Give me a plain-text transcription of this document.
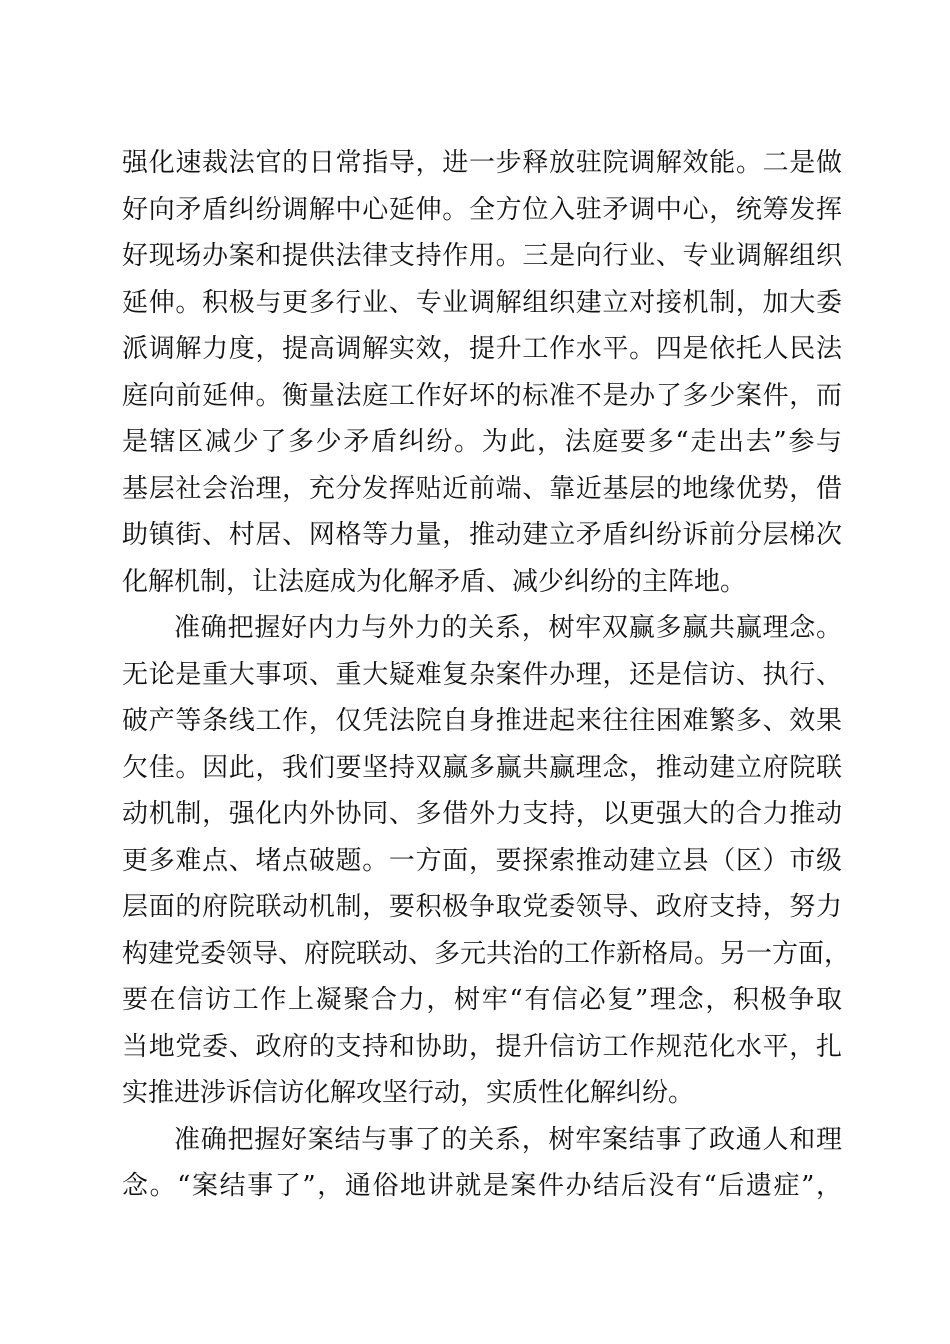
强化速裁法官的日常指导，进一步释放驻院调解效能。二是做
好向矛盾纠纷调解中心延伸。全方位入驻矛调中心，统筹发挥
好现场办案和提供法律支持作用。三是向行业、专业调解组织
延伸。积极与更多行业、专业调解组织建立对接机制，加大委
派调解力度，提高调解实效，提升工作水平。四是依托人民法
庭向前延伸。衡量法庭工作好坏的标准不是办了多少案件，而
是辖区减少了多少矛盾纠纷。为此，法庭要多“走出去”参与
基层社会治理，充分发挥贴近前端、靠近基层的地缘优势，借
助镇街、村居、网格等力量，推动建立矛盾纠纷诉前分层梯次
化解机制，让法庭成为化解矛盾、减少纠纷的主阵地。
准确把握好内力与外力的关系，树牢双赢多赢共赢理念。
无论是重大事项、重大疑难复杂案件办理，还是信访、执行、
破产等条线工作，仅凭法院自身推进起来往往困难繁多、效果
欠佳。因此，我们要坚持双赢多赢共赢理念，推动建立府院联
动机制，强化内外协同、多借外力支持，以更强大的合力推动
更多难点、堵点破题。一方面，要探索推动建立县（区）市级
层面的府院联动机制，要积极争取党委领导、政府支持，努力
构建党委领导、府院联动、多元共治的工作新格局。另一方面，
要在信访工作上凝聚合力，树牢“有信必复”理念，积极争取
当地党委、政府的支持和协助，提升信访工作规范化水平，扎
实推进涉诉信访化解攻坚行动，实质性化解纠纷。
准确把握好案结与事了的关系，树牢案结事了政通人和理
念。“案结事了”，通俗地讲就是案件办结后没有“后遗症”，
